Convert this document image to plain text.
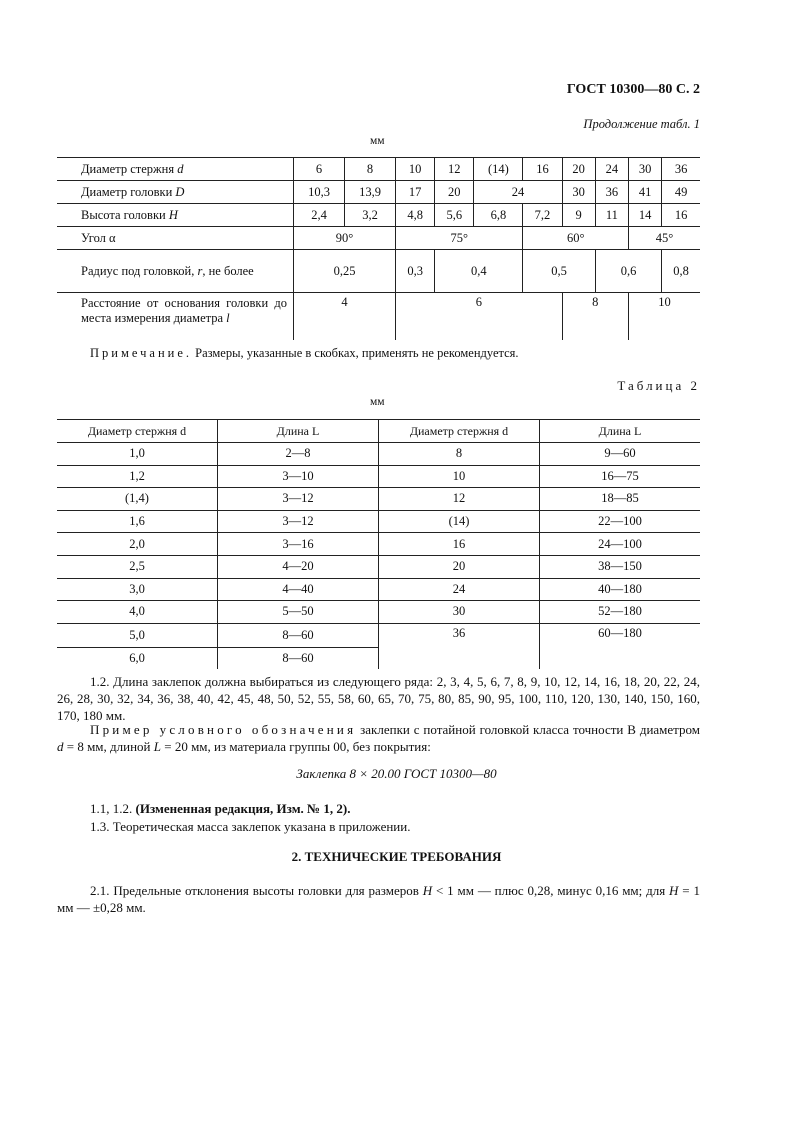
ГОСТ 10300—80 С. 2
Продолжение табл. 1
мм
Диаметр стержня d	6	8	10	12	(14)	16	20	24	30	36
Диаметр головки D	10,3	13,9	17	20	24		30	36	41	49
Высота головки H	2,4	3,2	4,8	5,6	6,8	7,2	9	11	14	16
Угол α	90°		75°			60°			45°	
Радиус под головкой, r, не более	0,25		0,3	0,4		0,5		0,6		0,8
Расстояние от основания головки до места измерения диаметра l	4		6				8		10	
Примечание. Размеры, указанные в скобках, применять не рекомендуется.
Таблица 2
мм
Диаметр стержня d	Длина L	Диаметр стержня d	Длина L
1,0	2—8	8	9—60
1,2	3—10	10	16—75
(1,4)	3—12	12	18—85
1,6	3—12	(14)	22—100
2,0	3—16	16	24—100
2,5	4—20	20	38—150
3,0	4—40	24	40—180
4,0	5—50	30	52—180
5,0	8—60	36	60—180
6,0	8—60		
1.2. Длина заклепок должна выбираться из следующего ряда: 2, 3, 4, 5, 6, 7, 8, 9, 10, 12, 14, 16, 18, 20, 22, 24, 26, 28, 30, 32, 34, 36, 38, 40, 42, 45, 48, 50, 52, 55, 58, 60, 65, 70, 75, 80, 85, 90, 95, 100, 110, 120, 130, 140, 150, 160, 170, 180 мм.
Пример условного обозначения заклепки с потайной головкой класса точности В диаметром d = 8 мм, длиной L = 20 мм, из материала группы 00, без покрытия:
Заклепка 8 × 20.00 ГОСТ 10300—80
1.1, 1.2. (Измененная редакция, Изм. № 1, 2).
1.3. Теоретическая масса заклепок указана в приложении.
2. ТЕХНИЧЕСКИЕ ТРЕБОВАНИЯ
2.1. Предельные отклонения высоты головки для размеров H < 1 мм — плюс 0,28, минус 0,16 мм; для H = 1 мм — ±0,28 мм.
